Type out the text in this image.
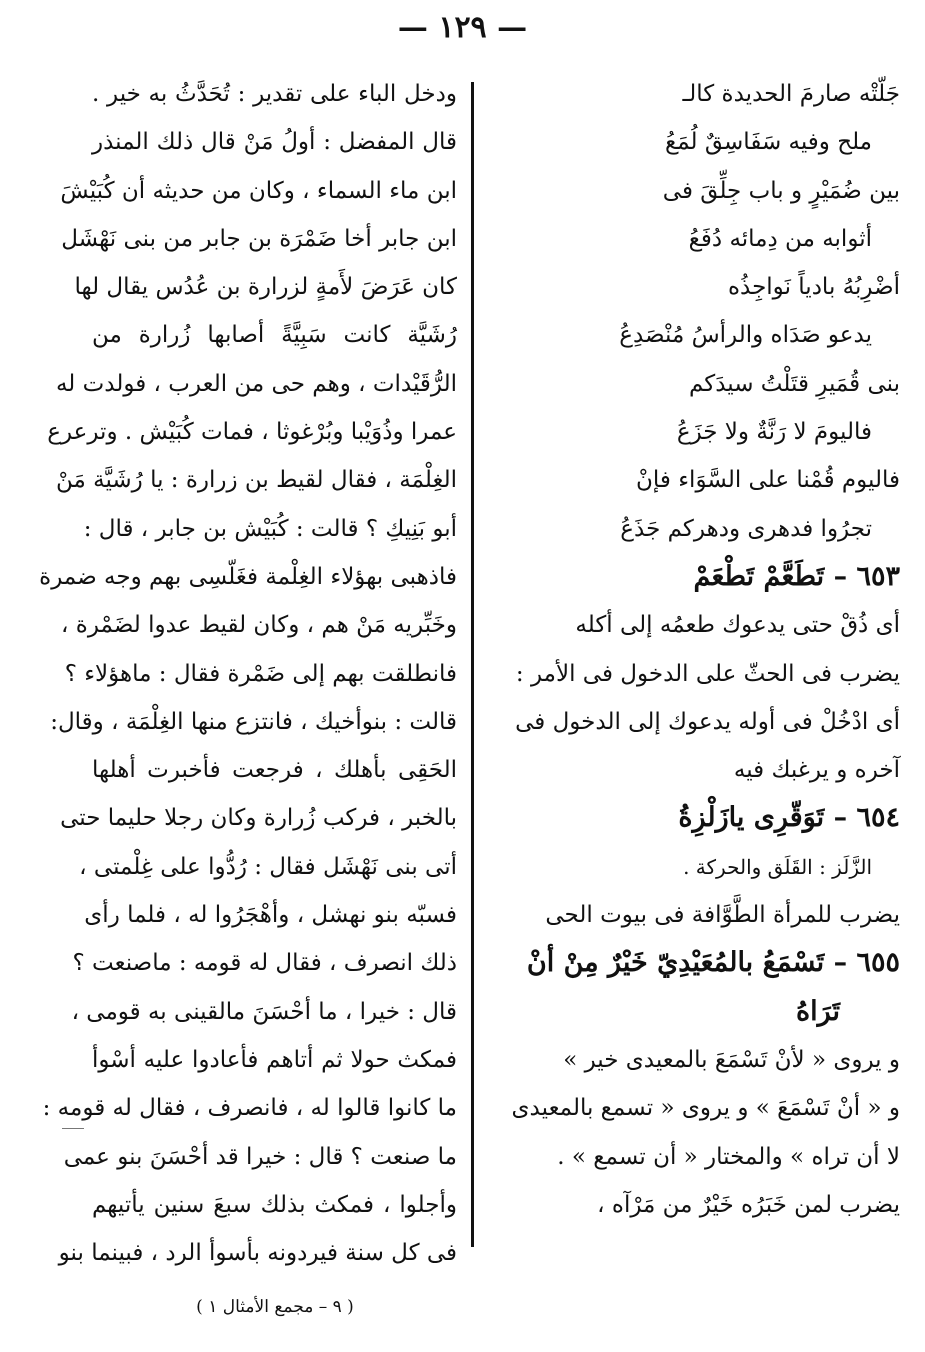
— ١٢٩ —
جَلّتْه صارمَ الحديدة كالـ
ملح وفيه سَفَاسِقٌ لُمَعُ
بين ضُمَيْرٍ و باب جِلِّقَ فى
أثوابه من دِمائه دُفَعُ
أضْرِبُهُ بادياً نَواجِذُه
يدعو صَدَاه والرأسُ مُنْصَدِعُ
بنى قُمَيرِ قتَلْتُ سيدَكم
فاليومَ لا رَنَّةٌ ولا جَزَعُ
فاليوم قُمْنا على السَّوَاء فإنْ
تجرُوا فدهرى ودهركم جَذَعُ
٦٥٣ – تَطَعَّمْ تَطْعَمْ
أى ذُقْ حتى يدعوك طعمُه إلى أكله
يضرب فى الحثّ على الدخول فى الأمر :
أى ادْخُلْ فى أوله يدعوك إلى الدخول فى
آخره و يرغبك فيه
٦٥٤ – تَوَقّرِى يازَلْزِةُ
الزَّلَز : القَلَق والحركة .
يضرب للمرأة الطَّوَّافة فى بيوت الحى
٦٥٥ – تَسْمَعُ بالمُعَيْدِيّ خَيْرٌ مِنْ أنْ
تَرَاهُ
و يروى « لأنْ تَسْمَعَ بالمعيدى خير »
و « أنْ تَسْمَعَ » و يروى « تسمع بالمعيدى
لا أن تراه » والمختار « أن تسمع » .
يضرب لمن خَبَرُه خَيْرٌ من مَرْآه ،
ودخل الباء على تقدير : تُحَدَّثُ به خير .
قال المفضل : أولُ مَنْ قال ذلك المنذر
ابن ماء السماء ، وكان من حديثه أن كُبَيْشَ
ابن جابر أخا ضَمْرَة بن جابر من بنى نَهْشَل
كان عَرَضَ لأَمةٍ لزرارة بن عُدُس يقال لها
رُشَيَّة كانت سَبِيَّةً أصابها زُرارة من
الرُّقَيْدات ، وهم حى من العرب ، فولدت له
عمرا وذُوَيْبا وبُرْغوثا ، فمات كُبَيْش . وترعرع
الغِلْمَة ، فقال لقيط بن زرارة : يا رُشَيَّة مَنْ
أبو بَنِيكِ ؟ قالت : كُبَيْش بن جابر ، قال :
فاذهبى بهؤلاء الغِلْمة فغَلّسِى بهم وجه ضمرة
وخَبِّريه مَنْ هم ، وكان لقيط عدوا لضَمْرة ،
فانطلقت بهم إلى ضَمْرة فقال : ماهؤلاء ؟
قالت : بنوأخيك ، فانتزع منها الغِلْمَة ، وقال:
الحَقِى بأهلك ، فرجعت فأخبرت أهلها
بالخبر ، فركب زُرارة وكان رجلا حليما حتى
أتى بنى نَهْشَل فقال : رُدُّوا على غِلْمتى ،
فسبّه بنو نهشل ، وأهْجَرُوا له ، فلما رأى
ذلك انصرف ، فقال له قومه : ماصنعت ؟
قال : خيرا ، ما أحْسَنَ مالقينى به قومى ،
فمكث حولا ثم أتاهم فأعادوا عليه أسْوأ
ما كانوا قالوا له ، فانصرف ، فقال له قومه :
ما صنعت ؟ قال : خيرا قد أحْسَنَ بنو عمى
وأجلوا ، فمكث بذلك سبعَ سنين يأتيهم
فى كل سنة فيردونه بأسوأ الرد ، فبينما بنو
( ٩ – مجمع الأمثال ١ )
